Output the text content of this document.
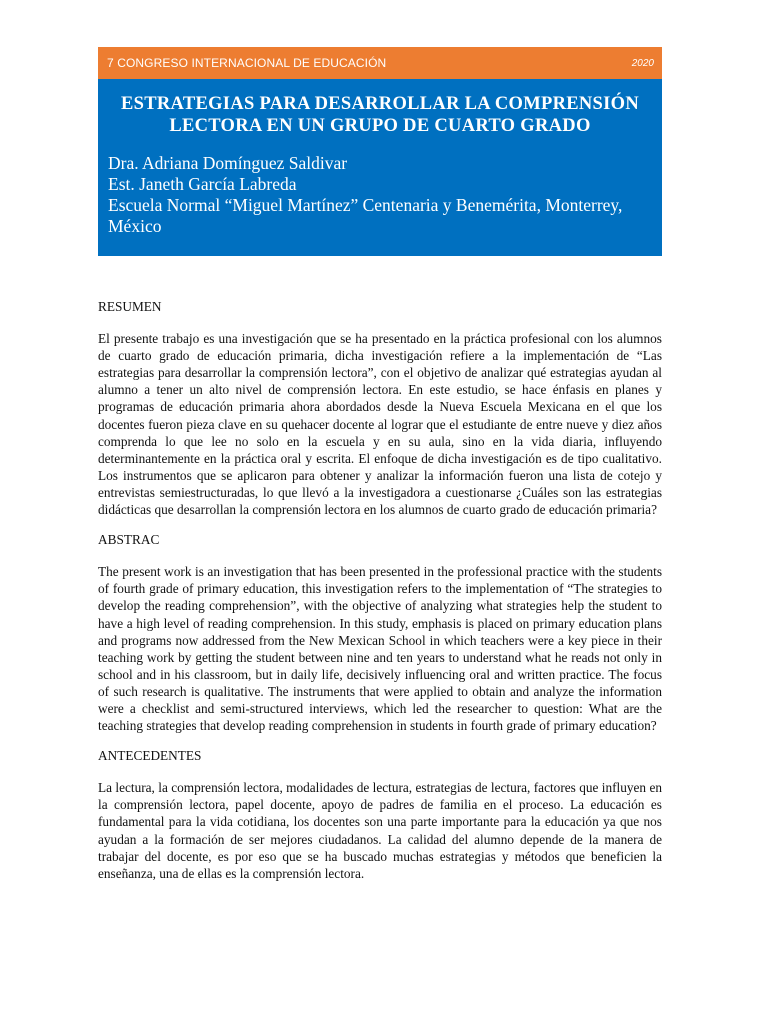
7 CONGRESO INTERNACIONAL DE EDUCACIÓN	2020
ESTRATEGIAS PARA DESARROLLAR LA COMPRENSIÓN
LECTORA EN UN GRUPO DE CUARTO GRADO
Dra. Adriana Domínguez Saldivar
Est. Janeth García Labreda
Escuela Normal “Miguel Martínez” Centenaria y Benemérita, Monterrey, México
RESUMEN

El presente trabajo es una investigación que se ha presentado en la práctica profesional con los alumnos de cuarto grado de educación primaria, dicha investigación refiere a la implementación de “Las estrategias para desarrollar la comprensión lectora”, con el objetivo de analizar qué estrategias ayudan al alumno a tener un alto nivel de comprensión lectora. En este estudio, se hace énfasis en planes y programas de educación primaria ahora abordados desde la Nueva Escuela Mexicana en el que los docentes fueron pieza clave en su quehacer docente al lograr que el estudiante de entre nueve y diez años comprenda lo que lee no solo en la escuela y en su aula, sino en la vida diaria, influyendo determinantemente en la práctica oral y escrita. El enfoque de dicha investigación es de tipo cualitativo. Los instrumentos que se aplicaron para obtener y analizar la información fueron una lista de cotejo y entrevistas semiestructuradas, lo que llevó a la investigadora a cuestionarse ¿Cuáles son las estrategias didácticas que desarrollan la comprensión lectora en los alumnos de cuarto grado de educación primaria?

ABSTRAC

The present work is an investigation that has been presented in the professional practice with the students of fourth grade of primary education, this investigation refers to the implementation of “The strategies to develop the reading comprehension”, with the objective of analyzing what strategies help the student to have a high level of reading comprehension. In this study, emphasis is placed on primary education plans and programs now addressed from the New Mexican School in which teachers were a key piece in their teaching work by getting the student between nine and ten years to understand what he reads not only in school and in his classroom, but in daily life, decisively influencing oral and written practice. The focus of such research is qualitative. The instruments that were applied to obtain and analyze the information were a checklist and semi-structured interviews, which led the researcher to question: What are the teaching strategies that develop reading comprehension in students in fourth grade of primary education?

ANTECEDENTES

La lectura, la comprensión lectora, modalidades de lectura, estrategias de lectura, factores que influyen en la comprensión lectora, papel docente, apoyo de padres de familia en el proceso. La educación es fundamental para la vida cotidiana, los docentes son una parte importante para la educación ya que nos ayudan a la formación de ser mejores ciudadanos. La calidad del alumno depende de la manera de trabajar del docente, es por eso que se ha buscado muchas estrategias y métodos que beneficien la enseñanza, una de ellas es la comprensión lectora.
